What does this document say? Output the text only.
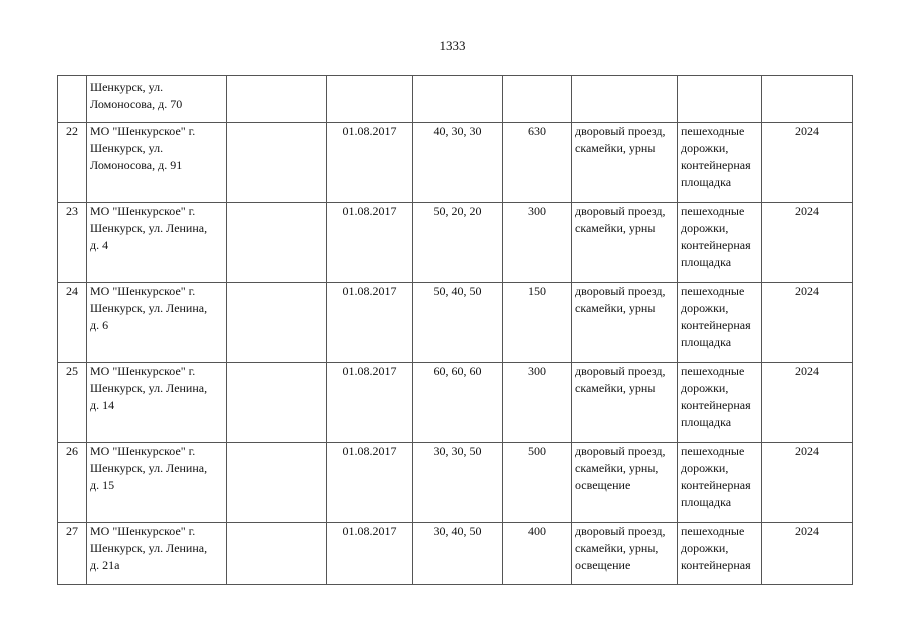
1333

	Шенкурск, ул.
Ломоносова, д. 70							

22	МО "Шенкурское" г.
Шенкурск, ул.
Ломоносова, д. 91		01.08.2017	40, 30, 30	630	дворовый проезд,
скамейки, урны	пешеходные
дорожки,
контейнерная
площадка	2024

23	МО "Шенкурское" г.
Шенкурск, ул. Ленина,
д. 4		01.08.2017	50, 20, 20	300	дворовый проезд,
скамейки, урны	пешеходные
дорожки,
контейнерная
площадка	2024

24	МО "Шенкурское" г.
Шенкурск, ул. Ленина,
д. 6		01.08.2017	50, 40, 50	150	дворовый проезд,
скамейки, урны	пешеходные
дорожки,
контейнерная
площадка	2024

25	МО "Шенкурское" г.
Шенкурск, ул. Ленина,
д. 14		01.08.2017	60, 60, 60	300	дворовый проезд,
скамейки, урны	пешеходные
дорожки,
контейнерная
площадка	2024

26	МО "Шенкурское" г.
Шенкурск, ул. Ленина,
д. 15		01.08.2017	30, 30, 50	500	дворовый проезд,
скамейки, урны,
освещение	пешеходные
дорожки,
контейнерная
площадка	2024

27	МО "Шенкурское" г.
Шенкурск, ул. Ленина,
д. 21а		01.08.2017	30, 40, 50	400	дворовый проезд,
скамейки, урны,
освещение	пешеходные
дорожки,
контейнерная	2024
